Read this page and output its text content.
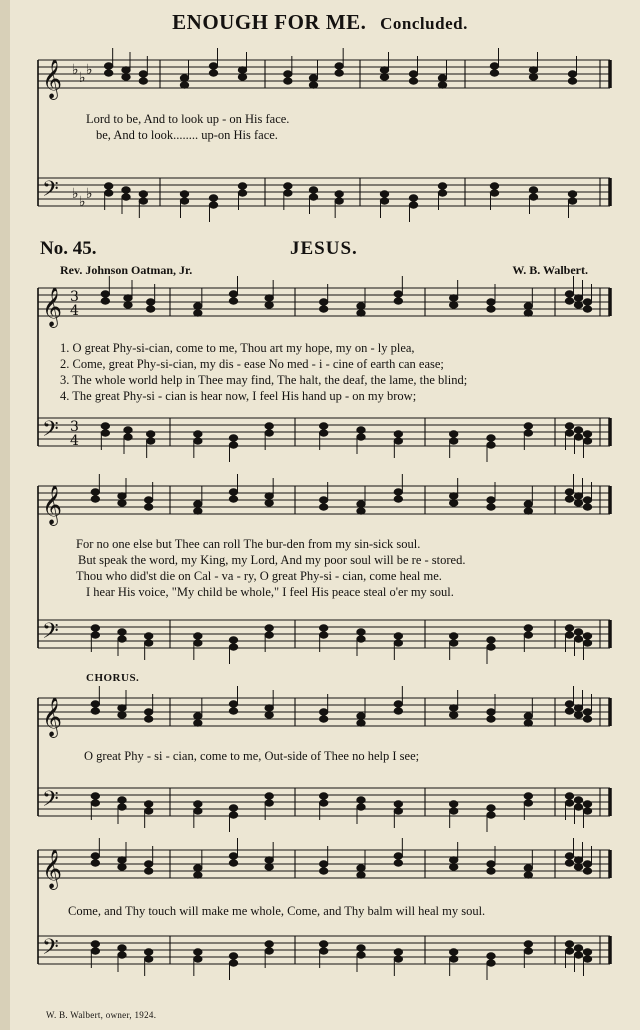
ENOUGH FOR ME. Concluded.
𝄞
𝄢
♭
♭
♭
♭
♭
♭
𝄞
𝄢
3
4
3
4
𝄞
𝄢
𝄞
𝄢
𝄞
𝄢
Lord to be, And to look up - on His face.
be, And to look........ up-on His face.
No. 45.	JESUS.
Rev. Johnson Oatman, Jr.	W. B. Walbert.
1. O great Phy-si-cian, come to me, Thou art my hope, my on - ly plea,
2. Come, great Phy-si-cian, my dis - ease No med - i - cine of earth can ease;
3. The whole world help in Thee may find, The halt, the deaf, the lame, the blind;
4. The great Phy-si - cian is hear now, I feel His hand up - on my brow;
For no one else but Thee can roll The bur-den from my sin-sick soul.
But speak the word, my King, my Lord, And my poor soul will be re - stored.
Thou who did'st die on Cal - va - ry, O great Phy-si - cian, come heal me.
I hear His voice, "My child be whole," I feel His peace steal o'er my soul.
CHORUS.
O great Phy - si - cian, come to me, Out-side of Thee no help I see;
Come, and Thy touch will make me whole, Come, and Thy balm will heal my soul.
W. B. Walbert, owner, 1924.
